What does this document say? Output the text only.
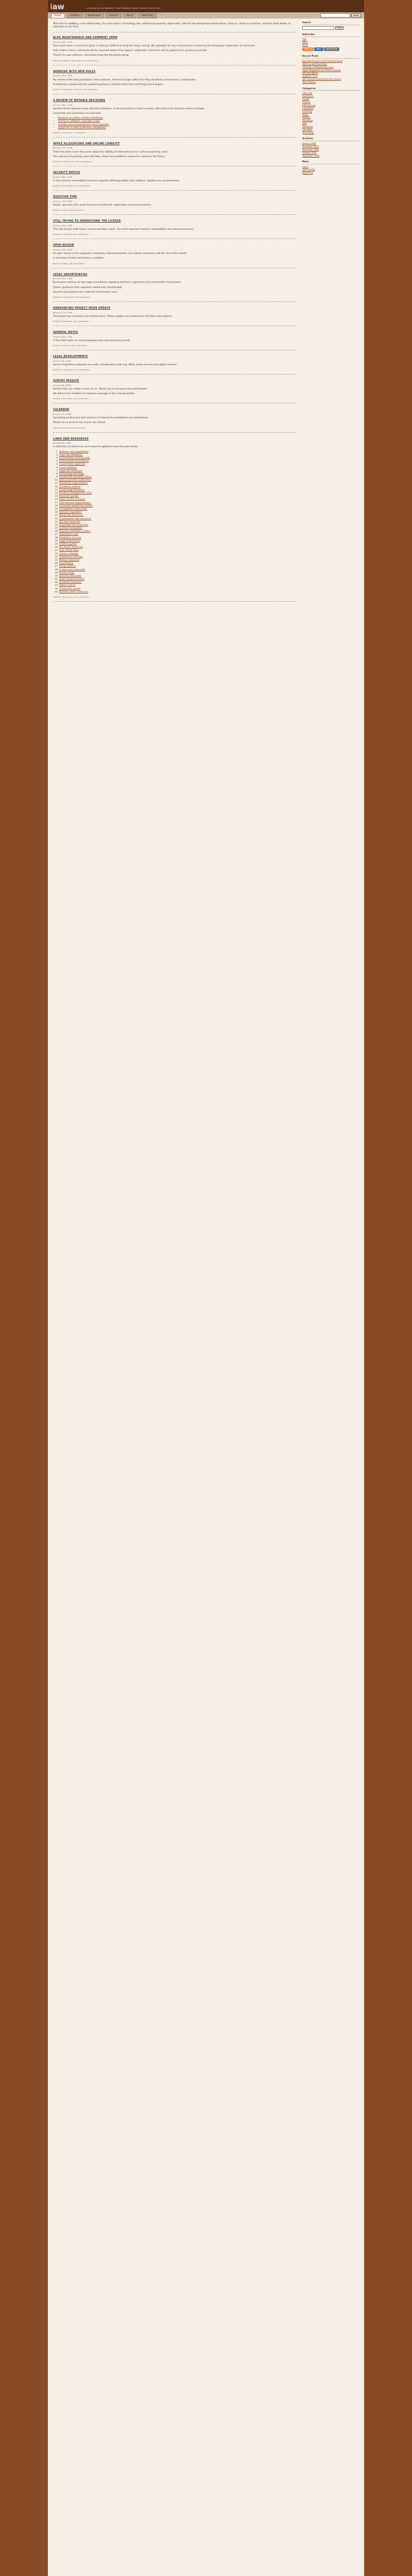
law	a law blog by Lars Wettstein, Peter Wettstein, Daniel Goessler, Warren Hess
Home	Archives	Bookmarks	Contact	About	Subscribe	Search

Welcome to LawBlog, a law-related blog. Our main topics: technology law, intellectual property, legal news, internet law and general observations. Jump in, check our archives, read the posts below, or subscribe to our feed.

BLOG MAINTENANCE AND COMMENT SPAM
January 20th, 2006

The recent wave of comment spam is making it difficult to keep this blog running. We apologize for any inconvenience caused by the temporary moderation of comments.

Until further notice, comments will be reviewed before they appear. Legitimate comments will be published as quickly as possible.

Thanks for your patience, and please keep the discussion going.

Posted in General, Site News | No Comments »
WORKING WITH NEW RULES
January 19th, 2006

My review of the new procedural rules continues. Several changes affect the filing deadlines and electronic submissions.

Practitioners should read the updated guidance carefully before the next filing period begins.

Posted in Procedure, Practice | No Comments »
A REVIEW OF NOTABLE DECISIONS
January 18th, 2006

Several recent decisions have attracted attention. A short summary of each is below, with links to the full texts where available.

Comments and corrections are welcome.

• Decision on online contract formation
• Ruling on software copyright scope
• Opinion concerning domain name disputes
• Judgment on data protection obligations
Posted in Case Law | 1 Comment »
APPLE ALLEGATIONS AND ONLINE LIABILITY
January 17th, 2006

There has been much discussion about the liability of intermediaries for content posted by users.

The outcome of pending cases will likely shape how platforms respond to notices in the future.

Posted in Internet Law | No Comments »
SECURITY NOTICE
January 16th, 2006

A new security vulnerability has been reported affecting widely used software. Updates are recommended.

Posted in Technology | No Comments »
QUESTION TIME
January 15th, 2006

Reader questions this week focused on trademark registration and licensing terms.

Posted in Q&A | No Comments »
STILL TRYING TO UNDERSTAND THE LICENSE
January 14th, 2006

The new license draft leaves several questions open. The most important concern compatibility and patent provisions.

Posted in Licensing | No Comments »
OPEN REVIEW
January 13th, 2006

An open review of the proposal is underway. Interested parties can submit comments until the end of the month.

A summary of early comments is available.

Posted in Policy | No Comments »
LEGAL UNCERTAINTIES
January 12th, 2006

Businesses continue to face legal uncertainty regarding electronic signatures and cross-border transactions.

Clearer guidance from regulators would help considerably.

Several associations have called for harmonized rules.

Posted in Commerce | No Comments »
ANNOUNCING PROJECT MOVE UPDATE
January 11th, 2006

The project has moved to new infrastructure. Please update your bookmarks and feed subscriptions.

Posted in Site News | No Comments »
GENERAL NOTES
January 10th, 2006

A few short notes on recent developments and upcoming events.

Posted in General | No Comments »
LEGAL DEVELOPMENTS
January 9th, 2006

Several legislative proposals are under consideration that may affect online services and digital content.

Posted in Legislation | No Comments »
SURVEY RESULTS
January 8th, 2006

Results from our reader survey are in. Thank you to everyone who participated.

We will use the feedback to improve coverage in the coming months.

Posted in Site News | No Comments »
CALENDAR
January 7th, 2006

Upcoming conferences and seminars of interest to practitioners are listed below.

Please let us know of any events we missed.

Posted in Events | No Comments »
LINKS AND RESOURCES
January 6th, 2006

A collection of useful links and resources gathered over the past weeks:

1. Statutes and regulations
2. Case law databases
3. Commentary and journals
4. Professional associations
5. Government agencies
6. Court websites
7. Legal aid resources
8. Technology law blogs
9. Intellectual property offices
10. Data protection authorities
11. Standards organizations
12. Academic centers
13. Continuing education
14. Practice management tools
15. Research guides
16. Open access archives
17. International organizations
18. Consumer protection bodies
19. Competition authorities
20. Telecom regulators
21. Media law resources
22. Employment law resources
23. Tax law resources
24. Corporate law resources
25. Contract templates
26. Dispute resolution centers
27. Arbitration rules
28. Mediation services
29. Legal dictionaries
30. Citation guides
31. Bar exam resources
32. Law school sites
33. Library catalogs
34. Translation services
35. Notary resources
36. Court forms
37. Filing systems
38. E-discovery resources
39. Privacy tools
40. Security advisories
41. Open source licenses
42. Creative Commons
43. Patent search
44. Trademark search
45. Domain name resources
Posted in Resources | No Comments »
Search
Search
Subscribe
RSS
Atom
Email
RSS 2.0	Atom	Valid XHTML
Recent Posts
Blog Maintenance and Comment Spam
Working with New Rules
A Review of Notable Decisions
Apple Allegations and Online Liability
Security Notice
Question Time
Still Trying to Understand the License
Open Review
Categories
Case Law
Commerce
Events
General
Internet Law
Legislation
Licensing
Policy
Practice
Procedure
Q&A
Resources
Site News
Technology
Archives
January 2006
December 2005
November 2005
October 2005
September 2005
Meta
Log in
Valid XHTML
WordPress
